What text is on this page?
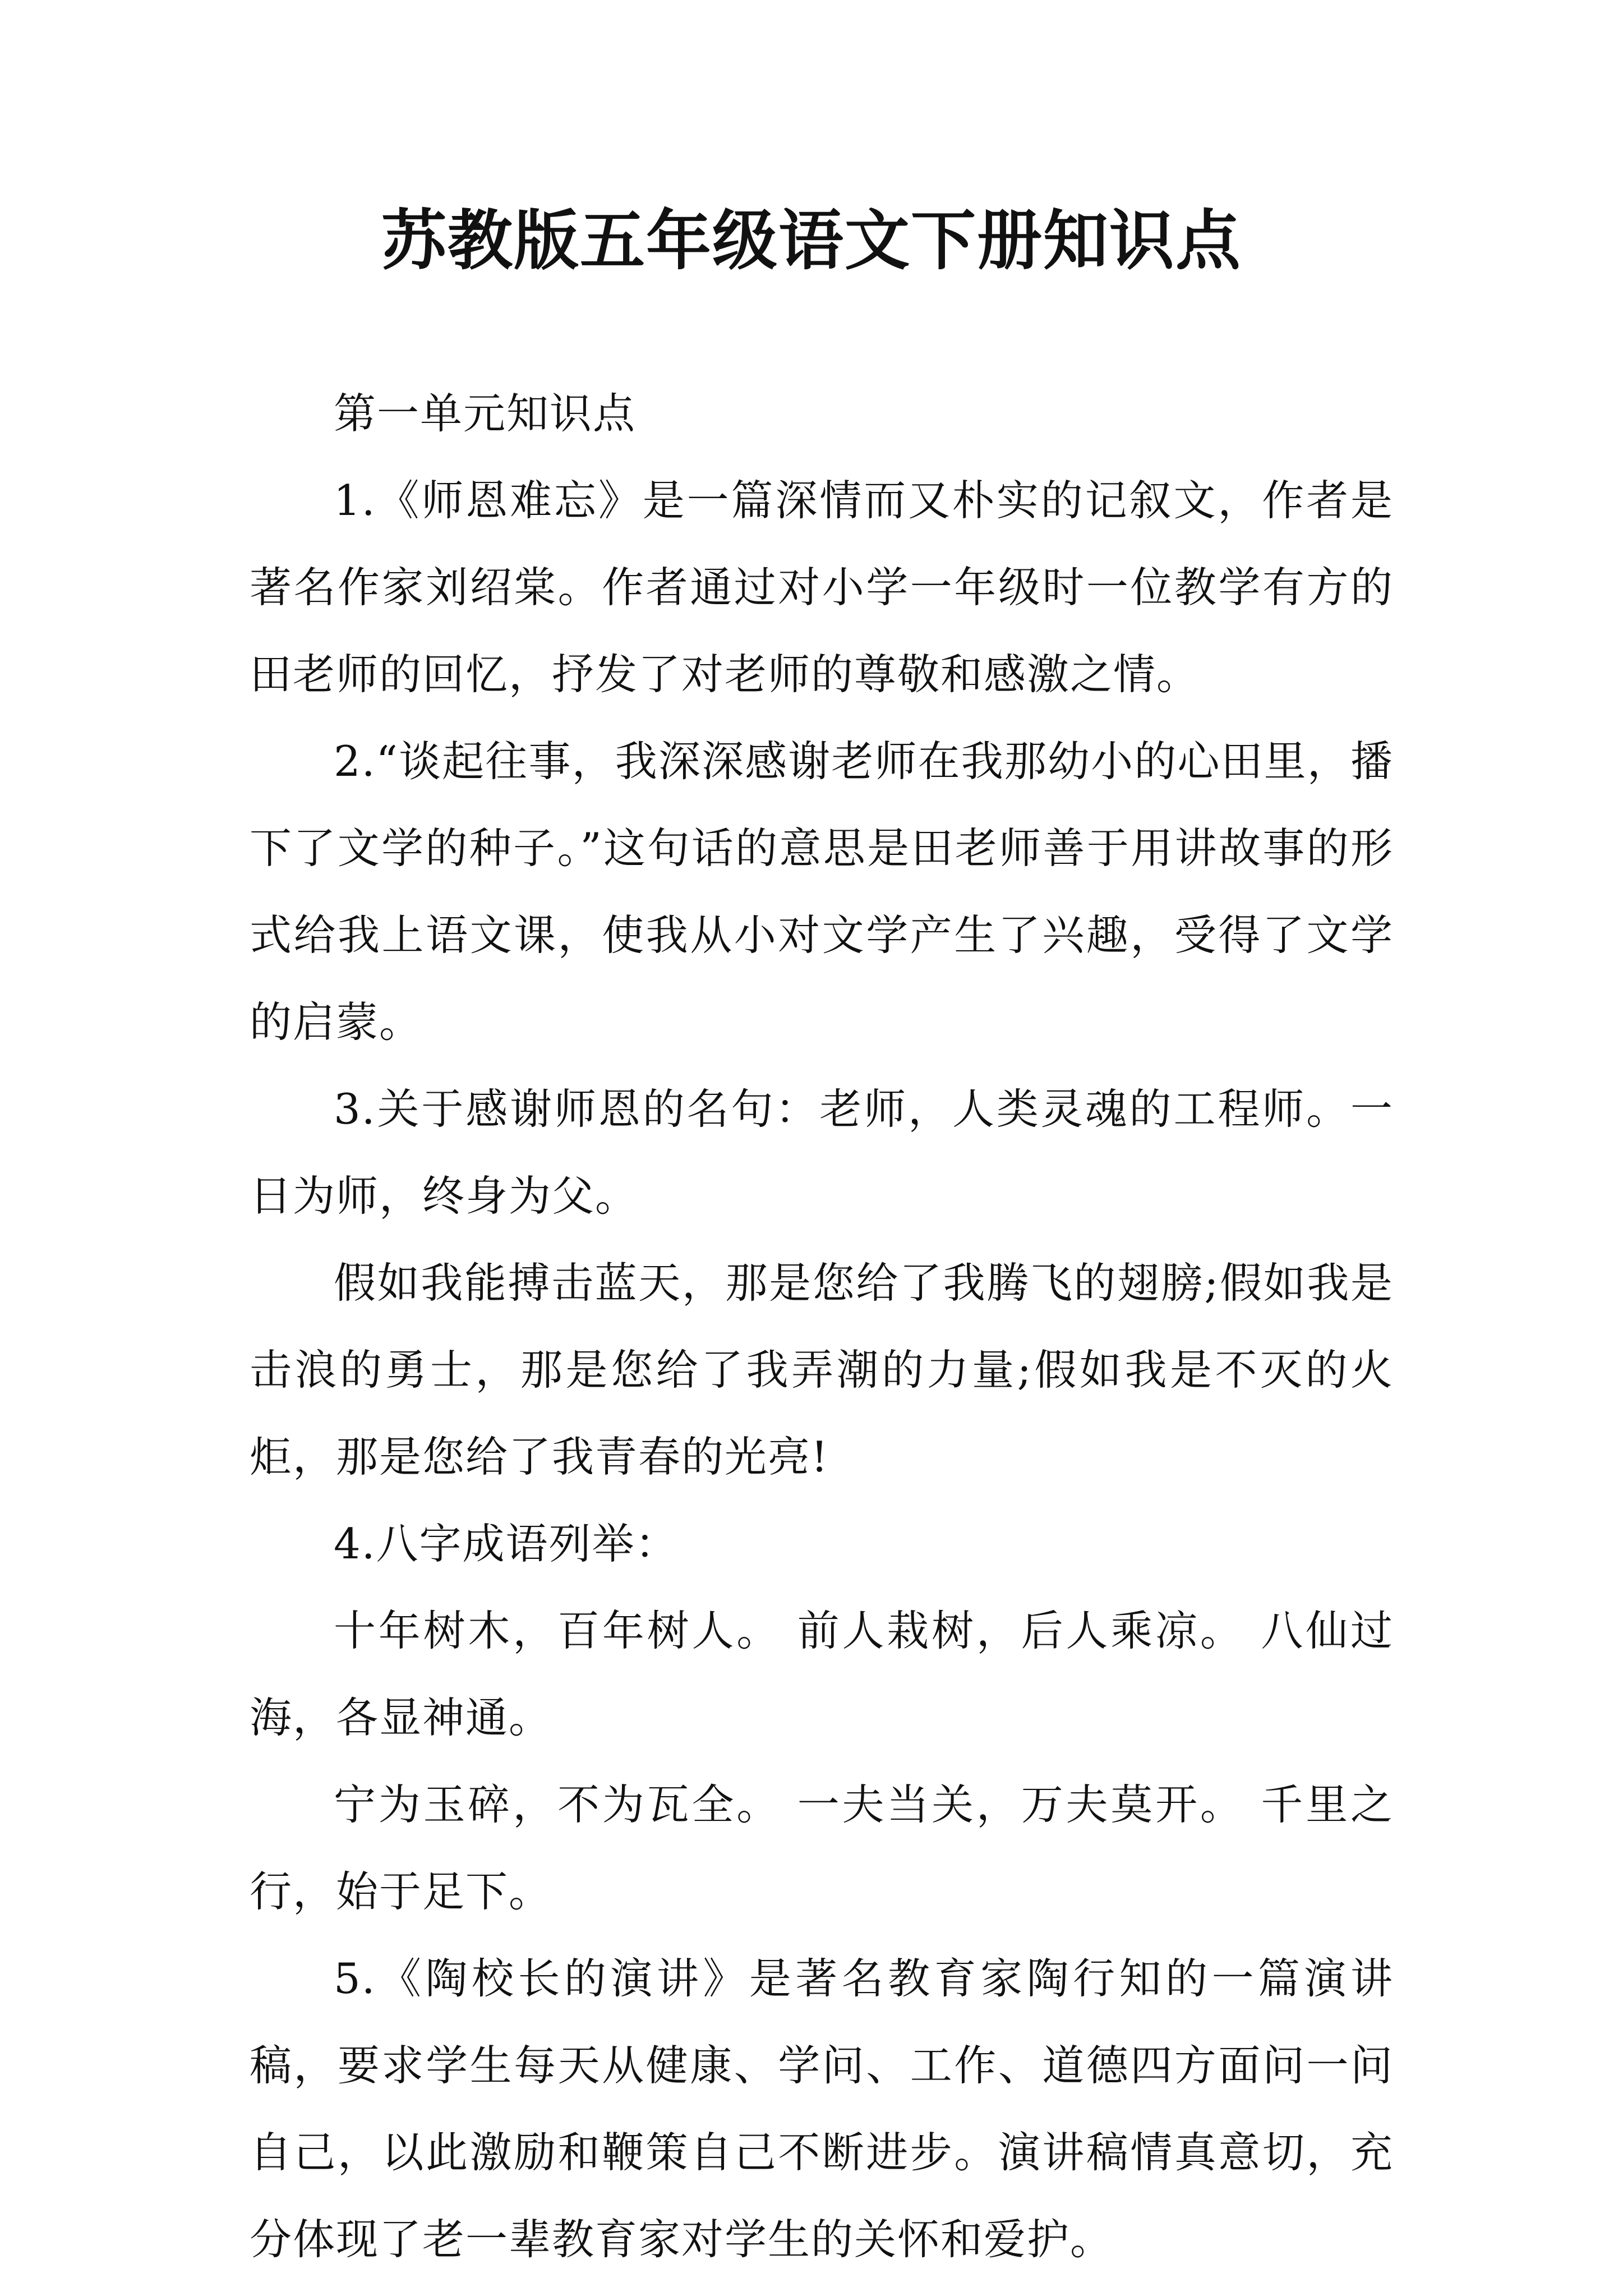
苏教版五年级语文下册知识点

第一单元知识点

1.《师恩难忘》是一篇深情而又朴实的记叙文，作者是著名作家刘绍棠。作者通过对小学一年级时一位教学有方的田老师的回忆，抒发了对老师的尊敬和感激之情。

2.“谈起往事，我深深感谢老师在我那幼小的心田里，播下了文学的种子。”这句话的意思是田老师善于用讲故事的形式给我上语文课，使我从小对文学产生了兴趣，受得了文学的启蒙。

3.关于感谢师恩的名句：老师，人类灵魂的工程师。一日为师，终身为父。

假如我能搏击蓝天，那是您给了我腾飞的翅膀;假如我是击浪的勇士，那是您给了我弄潮的力量;假如我是不灭的火炬，那是您给了我青春的光亮!

4.八字成语列举：

十年树木，百年树人。 前人栽树，后人乘凉。 八仙过海，各显神通。

宁为玉碎，不为瓦全。 一夫当关，万夫莫开。 千里之行，始于足下。

5.《陶校长的演讲》是著名教育家陶行知的一篇演讲稿，要求学生每天从健康、学问、工作、道德四方面问一问自己，以此激励和鞭策自己不断进步。演讲稿情真意切，充分体现了老一辈教育家对学生的关怀和爱护。
